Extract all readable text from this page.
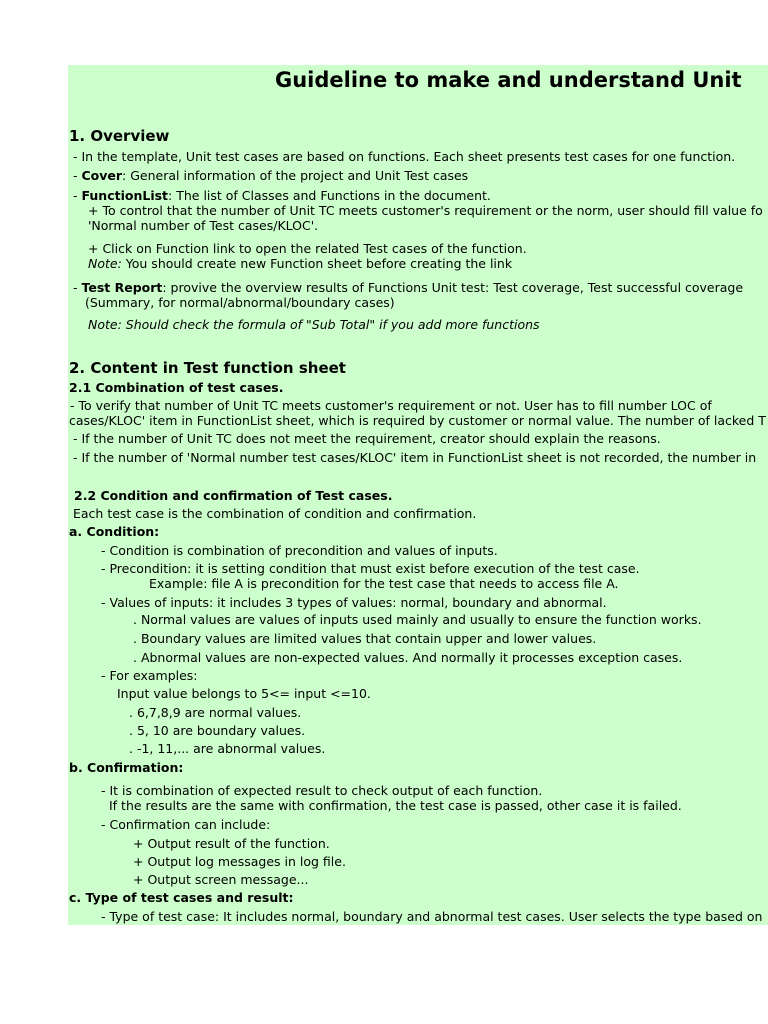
Guideline to make and understand Unit
1. Overview
- In the template, Unit test cases are based on functions. Each sheet presents test cases for one function.
- Cover: General information of the project and Unit Test cases
- FunctionList: The list of Classes and Functions in the document.
+ To control that the number of Unit TC meets customer's requirement or the norm, user should fill value fo
'Normal number of Test cases/KLOC'.
+ Click on Function link to open the related Test cases of the function.
Note: You should create new Function sheet before creating the link
- Test Report: provive the overview results of Functions Unit test: Test coverage, Test successful coverage
(Summary, for normal/abnormal/boundary cases)
Note: Should check the formula of "Sub Total" if you add more functions
2. Content in Test function sheet
2.1 Combination of test cases.
- To verify that number of Unit TC meets customer's requirement or not. User has to fill number LOC of
cases/KLOC' item in FunctionList sheet, which is required by customer or normal value. The number of lacked T
- If the number of Unit TC does not meet the requirement, creator should explain the reasons.
- If the number of 'Normal number test cases/KLOC' item in FunctionList sheet is not recorded, the number in
2.2 Condition and confirmation of Test cases.
Each test case is the combination of condition and confirmation.
a. Condition:
- Condition is combination of precondition and values of inputs.
- Precondition: it is setting condition that must exist before execution of the test case.
Example: file A is precondition for the test case that needs to access file A.
- Values of inputs: it includes 3 types of values: normal, boundary and abnormal.
. Normal values are values of inputs used mainly and usually to ensure the function works.
. Boundary values are limited values that contain upper and lower values.
. Abnormal values are non-expected values. And normally it processes exception cases.
- For examples:
Input value belongs to 5<= input <=10.
. 6,7,8,9 are normal values.
. 5, 10 are boundary values.
. -1, 11,... are abnormal values.
b. Confirmation:
- It is combination of expected result to check output of each function.
If the results are the same with confirmation, the test case is passed, other case it is failed.
- Confirmation can include:
+ Output result of the function.
+ Output log messages in log file.
+ Output screen message...
c. Type of test cases and result:
- Type of test case: It includes normal, boundary and abnormal test cases. User selects the type based on
